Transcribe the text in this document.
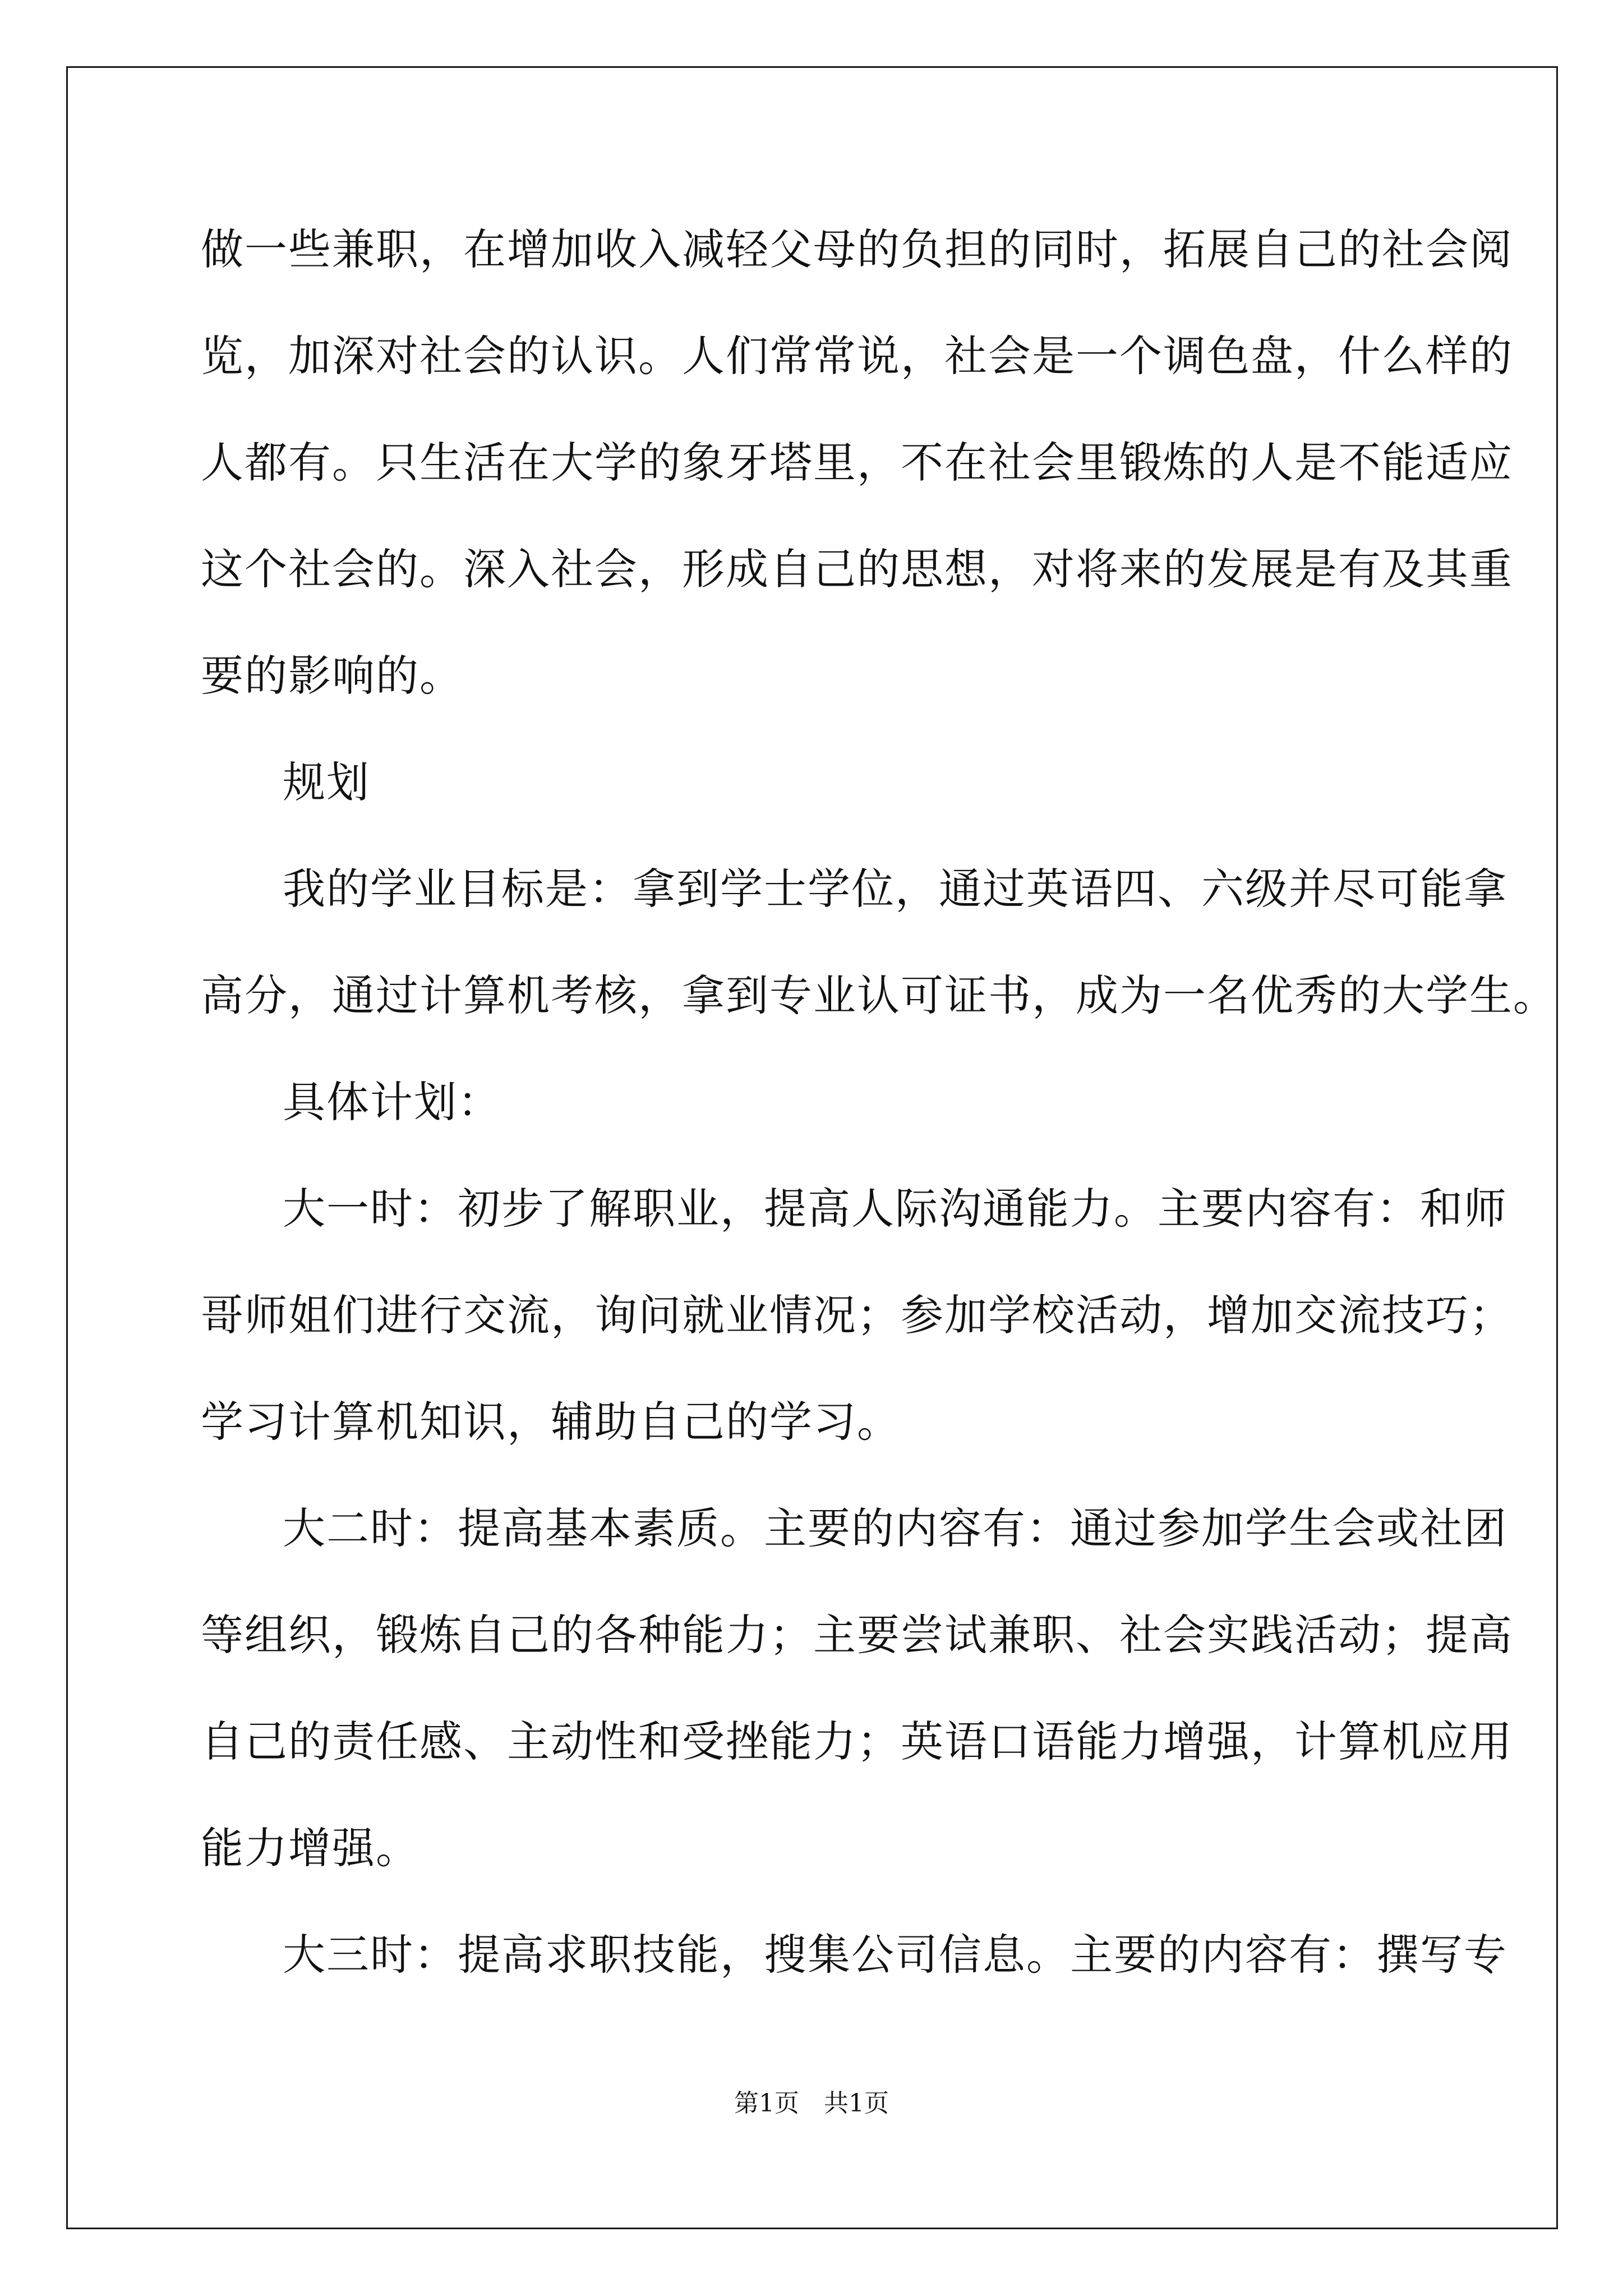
做一些兼职，在增加收入减轻父母的负担的同时，拓展自己的社会阅
览，加深对社会的认识。人们常常说，社会是一个调色盘，什么样的
人都有。只生活在大学的象牙塔里，不在社会里锻炼的人是不能适应
这个社会的。深入社会，形成自己的思想，对将来的发展是有及其重
要的影响的。
规划
我的学业目标是：拿到学士学位，通过英语四、六级并尽可能拿
高分，通过计算机考核，拿到专业认可证书，成为一名优秀的大学生。
具体计划：
大一时：初步了解职业，提高人际沟通能力。主要内容有：和师
哥师姐们进行交流，询问就业情况；参加学校活动，增加交流技巧；
学习计算机知识，辅助自己的学习。
大二时：提高基本素质。主要的内容有：通过参加学生会或社团
等组织，锻炼自己的各种能力；主要尝试兼职、社会实践活动；提高
自己的责任感、主动性和受挫能力；英语口语能力增强，计算机应用
能力增强。
大三时：提高求职技能，搜集公司信息。主要的内容有：撰写专
第1页　共1页
